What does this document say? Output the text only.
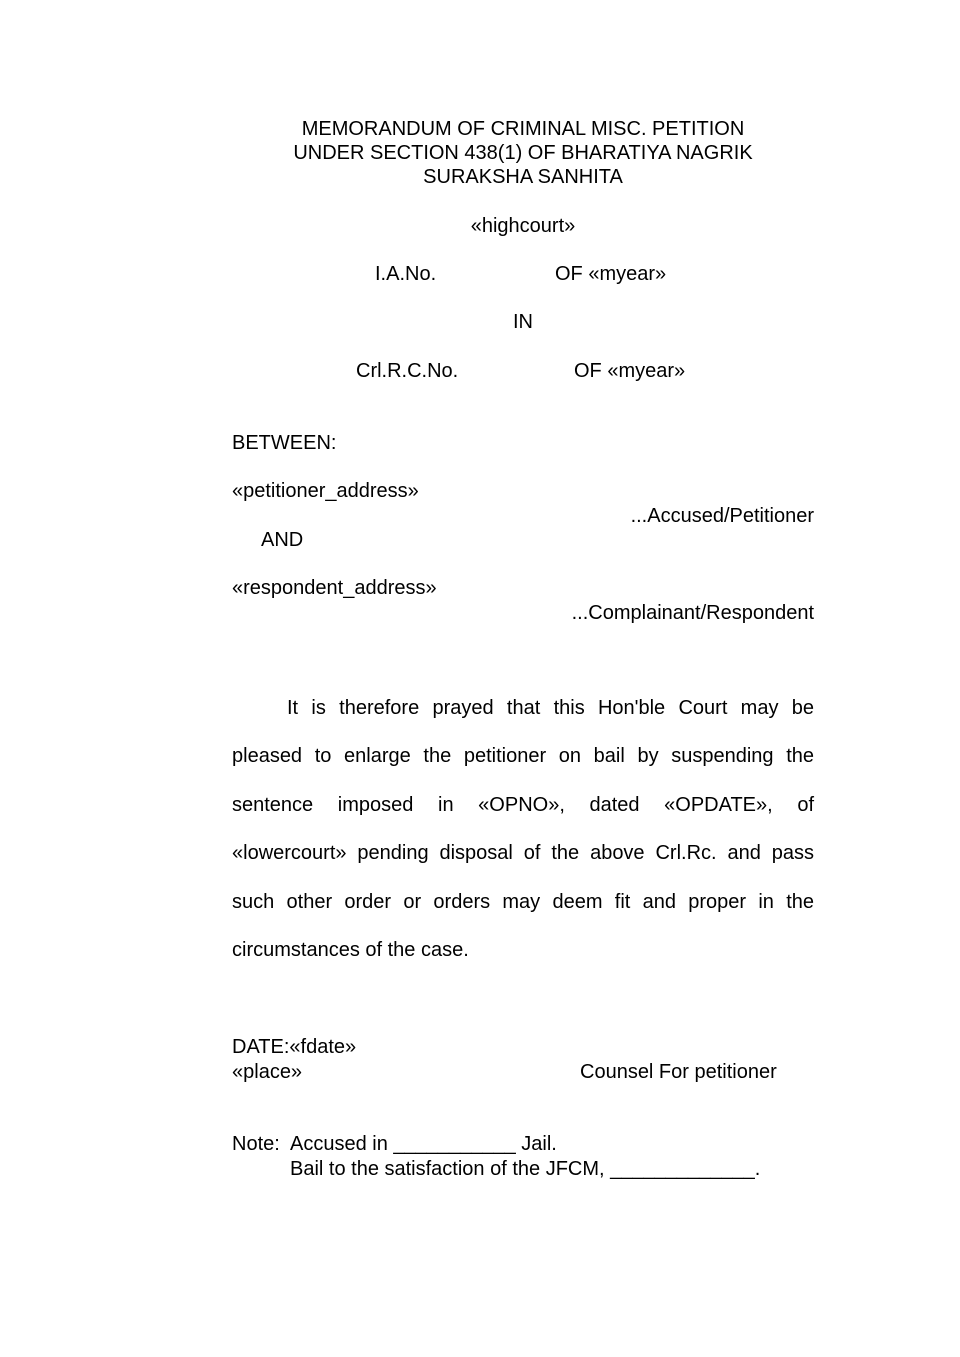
MEMORANDUM OF CRIMINAL MISC. PETITION
UNDER SECTION 438(1) OF BHARATIYA NAGRIK
SURAKSHA SANHITA
«highcourt»
I.A.No.	OF «myear»
IN
Crl.R.C.No.	OF «myear»
BETWEEN:
«petitioner_address»
...Accused/Petitioner
AND
«respondent_address»
...Complainant/Respondent
It is therefore prayed that this Hon'ble Court may be pleased to enlarge the petitioner on bail by suspending the sentence imposed in «OPNO», dated «OPDATE», of «lowercourt» pending disposal of the above Crl.Rc. and pass such other order or orders may deem fit and proper in the circumstances of the case.
DATE:«fdate»
«place»	Counsel For petitioner
Note: Accused in ___________ Jail.
Bail to the satisfaction of the JFCM, _____________.
